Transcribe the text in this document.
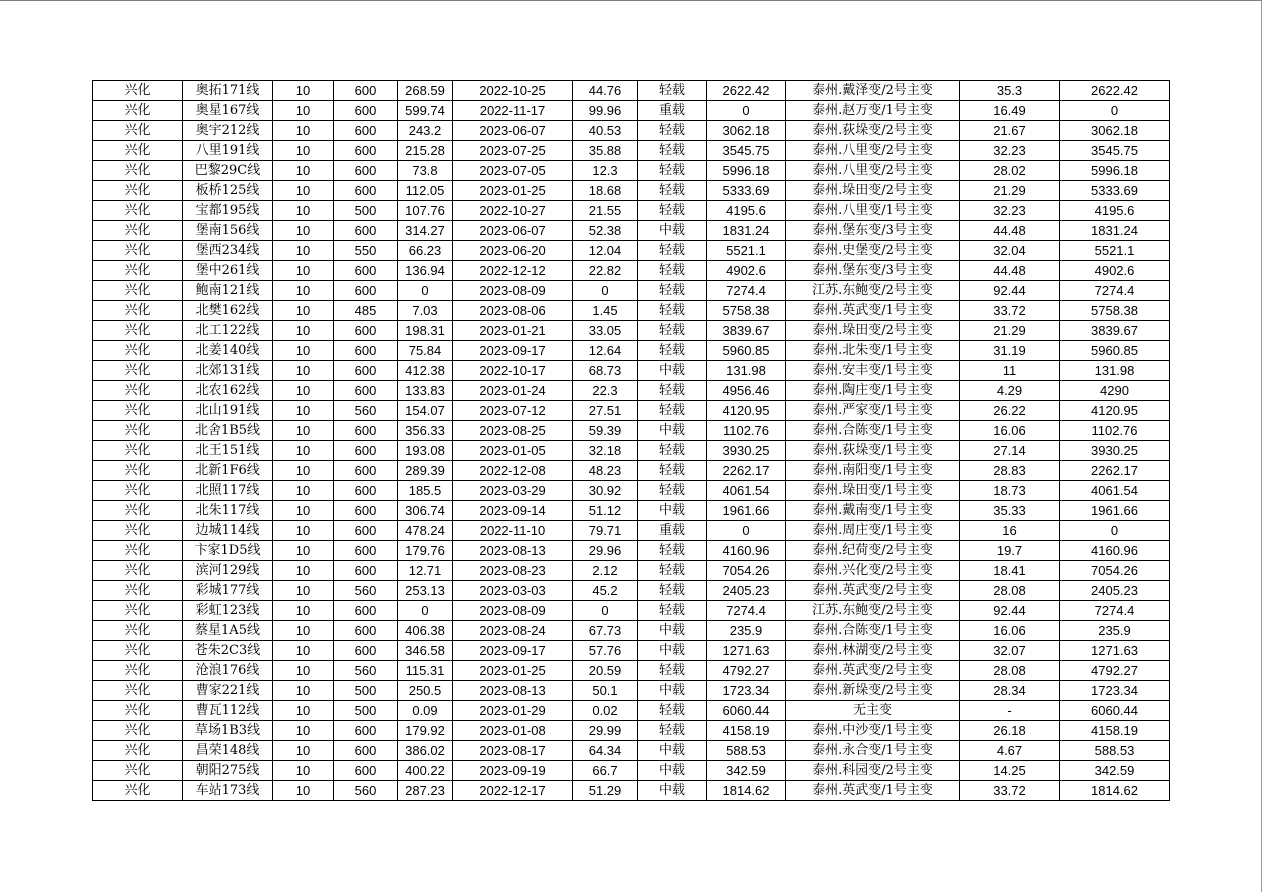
兴化	奥拓171线	10	600	268.59	2022-10-25	44.76	轻载	2622.42	泰州.戴泽变/2号主变	35.3	2622.42
兴化	奥星167线	10	600	599.74	2022-11-17	99.96	重载	0	泰州.赵万变/1号主变	16.49	0
兴化	奥宇212线	10	600	243.2	2023-06-07	40.53	轻载	3062.18	泰州.荻垛变/2号主变	21.67	3062.18
兴化	八里191线	10	600	215.28	2023-07-25	35.88	轻载	3545.75	泰州.八里变/2号主变	32.23	3545.75
兴化	巴黎29C线	10	600	73.8	2023-07-05	12.3	轻载	5996.18	泰州.八里变/2号主变	28.02	5996.18
兴化	板桥125线	10	600	112.05	2023-01-25	18.68	轻载	5333.69	泰州.垛田变/2号主变	21.29	5333.69
兴化	宝都195线	10	500	107.76	2022-10-27	21.55	轻载	4195.6	泰州.八里变/1号主变	32.23	4195.6
兴化	堡南156线	10	600	314.27	2023-06-07	52.38	中载	1831.24	泰州.堡东变/3号主变	44.48	1831.24
兴化	堡西234线	10	550	66.23	2023-06-20	12.04	轻载	5521.1	泰州.史堡变/2号主变	32.04	5521.1
兴化	堡中261线	10	600	136.94	2022-12-12	22.82	轻载	4902.6	泰州.堡东变/3号主变	44.48	4902.6
兴化	鲍南121线	10	600	0	2023-08-09	0	轻载	7274.4	江苏.东鲍变/2号主变	92.44	7274.4
兴化	北樊162线	10	485	7.03	2023-08-06	1.45	轻载	5758.38	泰州.英武变/1号主变	33.72	5758.38
兴化	北工122线	10	600	198.31	2023-01-21	33.05	轻载	3839.67	泰州.垛田变/2号主变	21.29	3839.67
兴化	北姜140线	10	600	75.84	2023-09-17	12.64	轻载	5960.85	泰州.北朱变/1号主变	31.19	5960.85
兴化	北郊131线	10	600	412.38	2022-10-17	68.73	中载	131.98	泰州.安丰变/1号主变	11	131.98
兴化	北农162线	10	600	133.83	2023-01-24	22.3	轻载	4956.46	泰州.陶庄变/1号主变	4.29	4290
兴化	北山191线	10	560	154.07	2023-07-12	27.51	轻载	4120.95	泰州.严家变/1号主变	26.22	4120.95
兴化	北舍1B5线	10	600	356.33	2023-08-25	59.39	中载	1102.76	泰州.合陈变/1号主变	16.06	1102.76
兴化	北王151线	10	600	193.08	2023-01-05	32.18	轻载	3930.25	泰州.荻垛变/1号主变	27.14	3930.25
兴化	北新1F6线	10	600	289.39	2022-12-08	48.23	轻载	2262.17	泰州.南阳变/1号主变	28.83	2262.17
兴化	北照117线	10	600	185.5	2023-03-29	30.92	轻载	4061.54	泰州.垛田变/1号主变	18.73	4061.54
兴化	北朱117线	10	600	306.74	2023-09-14	51.12	中载	1961.66	泰州.戴南变/1号主变	35.33	1961.66
兴化	边城114线	10	600	478.24	2022-11-10	79.71	重载	0	泰州.周庄变/1号主变	16	0
兴化	卞家1D5线	10	600	179.76	2023-08-13	29.96	轻载	4160.96	泰州.纪荷变/2号主变	19.7	4160.96
兴化	滨河129线	10	600	12.71	2023-08-23	2.12	轻载	7054.26	泰州.兴化变/2号主变	18.41	7054.26
兴化	彩城177线	10	560	253.13	2023-03-03	45.2	轻载	2405.23	泰州.英武变/2号主变	28.08	2405.23
兴化	彩虹123线	10	600	0	2023-08-09	0	轻载	7274.4	江苏.东鲍变/2号主变	92.44	7274.4
兴化	蔡星1A5线	10	600	406.38	2023-08-24	67.73	中载	235.9	泰州.合陈变/1号主变	16.06	235.9
兴化	苍朱2C3线	10	600	346.58	2023-09-17	57.76	中载	1271.63	泰州.林湖变/2号主变	32.07	1271.63
兴化	沧浪176线	10	560	115.31	2023-01-25	20.59	轻载	4792.27	泰州.英武变/2号主变	28.08	4792.27
兴化	曹家221线	10	500	250.5	2023-08-13	50.1	中载	1723.34	泰州.新垛变/2号主变	28.34	1723.34
兴化	曹瓦112线	10	500	0.09	2023-01-29	0.02	轻载	6060.44	无主变	-	6060.44
兴化	草场1B3线	10	600	179.92	2023-01-08	29.99	轻载	4158.19	泰州.中沙变/1号主变	26.18	4158.19
兴化	昌荣148线	10	600	386.02	2023-08-17	64.34	中载	588.53	泰州.永合变/1号主变	4.67	588.53
兴化	朝阳275线	10	600	400.22	2023-09-19	66.7	中载	342.59	泰州.科园变/2号主变	14.25	342.59
兴化	车站173线	10	560	287.23	2022-12-17	51.29	中载	1814.62	泰州.英武变/1号主变	33.72	1814.62
